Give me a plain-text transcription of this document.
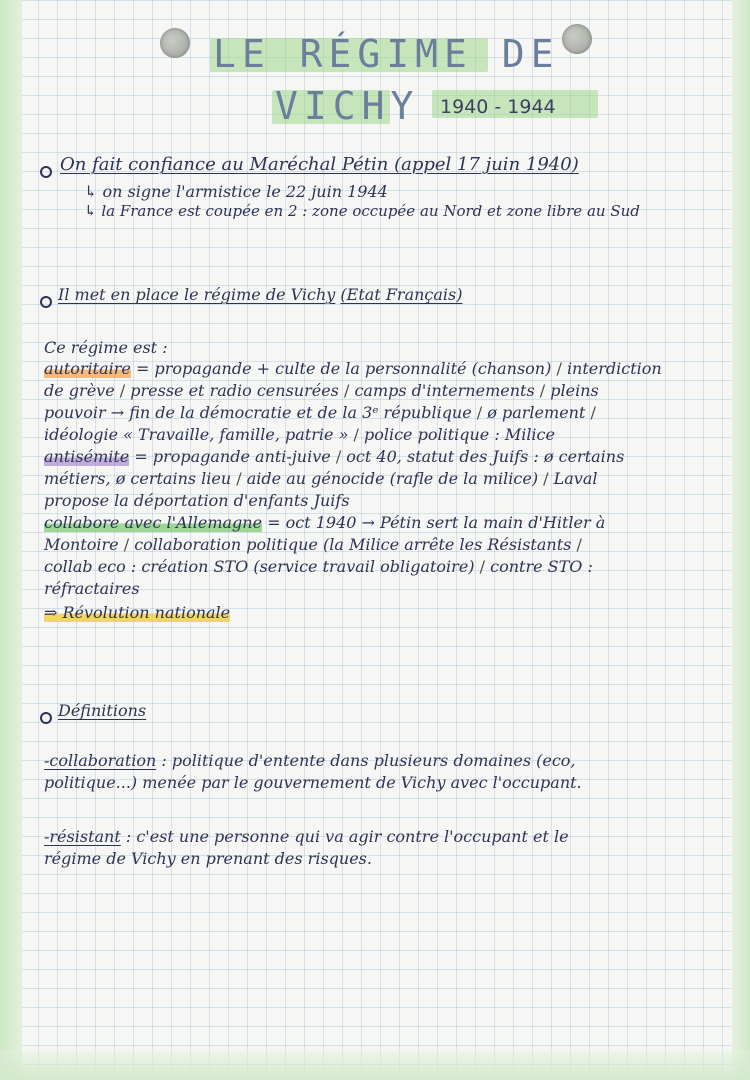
LE RÉGIME DE
VICHY 1940 - 1944
On fait confiance au Maréchal Pétin (appel 17 juin 1940)
↳ on signe l'armistice le 22 juin 1944
↳ la France est coupée en 2 : zone occupée au Nord et zone libre au Sud
Il met en place le régime de Vichy (Etat Français)
Ce régime est :
autoritaire = propagande + culte de la personnalité (chanson) / interdiction
de grève / presse et radio censurées / camps d'internements / pleins
pouvoir → fin de la démocratie et de la 3ᵉ république / ø parlement /
idéologie « Travaille, famille, patrie » / police politique : Milice
antisémite = propagande anti-juive / oct 40, statut des Juifs : ø certains
métiers, ø certains lieu / aide au génocide (rafle de la milice) / Laval
propose la déportation d'enfants Juifs
collabore avec l'Allemagne = oct 1940 → Pétin sert la main d'Hitler à
Montoire / collaboration politique (la Milice arrête les Résistants /
collab eco : création STO (service travail obligatoire) / contre STO :
réfractaires
⇒ Révolution nationale
Définitions
-collaboration : politique d'entente dans plusieurs domaines (eco,
politique...) menée par le gouvernement de Vichy avec l'occupant.
-résistant : c'est une personne qui va agir contre l'occupant et le
régime de Vichy en prenant des risques.
